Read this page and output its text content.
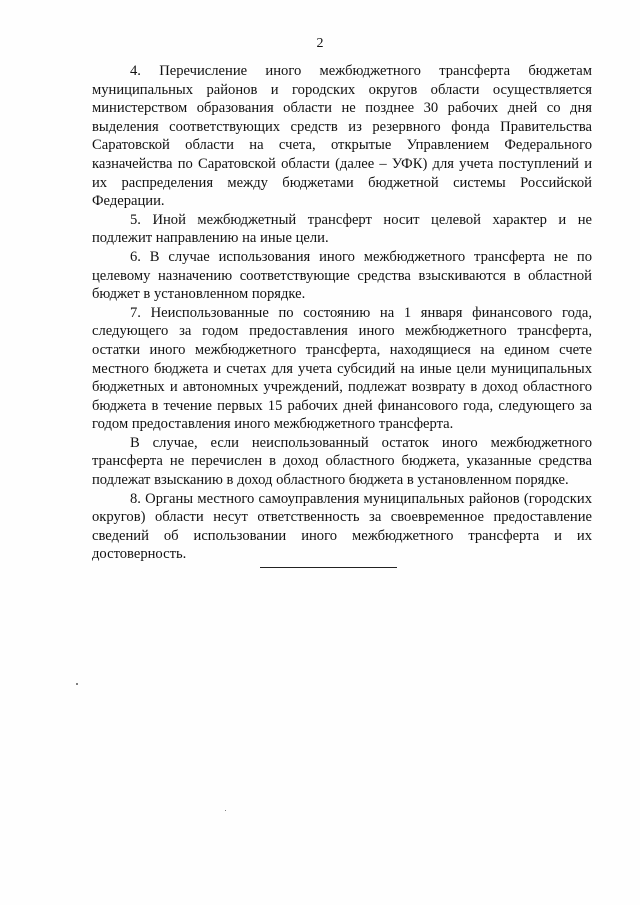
2

4. Перечисление иного межбюджетного трансферта бюджетам муниципальных районов и городских округов области осуществляется министерством образования области не позднее 30 рабочих дней со дня выделения соответствующих средств из резервного фонда Правительства Саратовской области на счета, открытые Управлением Федерального казначейства по Саратовской области (далее – УФК) для учета поступлений и их распределения между бюджетами бюджетной системы Российской Федерации.

5. Иной межбюджетный трансферт носит целевой характер и не подлежит направлению на иные цели.

6. В случае использования иного межбюджетного трансферта не по целевому назначению соответствующие средства взыскиваются в областной бюджет в установленном порядке.

7. Неиспользованные по состоянию на 1 января финансового года, следующего за годом предоставления иного межбюджетного трансферта, остатки иного межбюджетного трансферта, находящиеся на едином счете местного бюджета и счетах для учета субсидий на иные цели муниципальных бюджетных и автономных учреждений, подлежат возврату в доход областного бюджета в течение первых 15 рабочих дней финансового года, следующего за годом предоставления иного межбюджетного трансферта.

В случае, если неиспользованный остаток иного межбюджетного трансферта не перечислен в доход областного бюджета, указанные средства подлежат взысканию в доход областного бюджета в установленном порядке.

8. Органы местного самоуправления муниципальных районов (городских округов) области несут ответственность за своевременное предоставление сведений об использовании иного межбюджетного трансферта и их достоверность.
